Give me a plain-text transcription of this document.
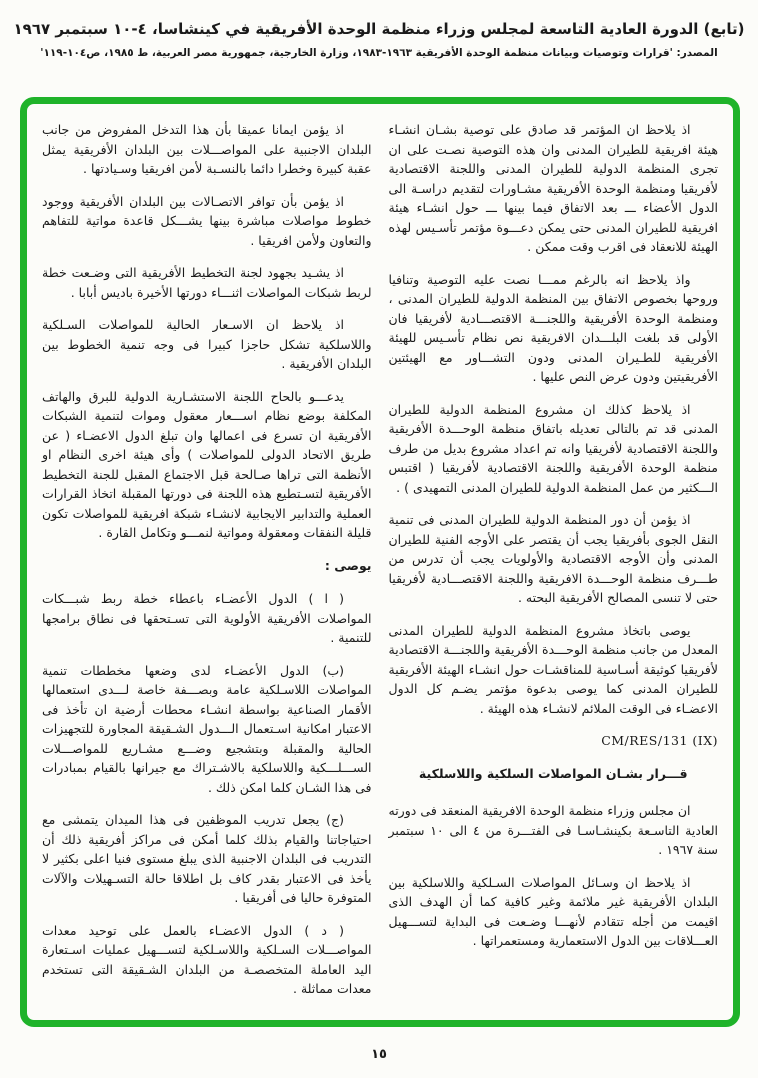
(تابع) الدورة العادية التاسعة لمجلس وزراء منظمة الوحدة الأفريقية في كينشاسا، ٤-١٠ سبتمبر ١٩٦٧
المصدر: 'قرارات وتوصيات وبيانات منظمة الوحدة الأفريقية ١٩٦٣-١٩٨٣، وزارة الخارجية، جمهورية مصر العربية، ط ١٩٨٥، ص١٠٤-١١٩'

اذ يلاحظ ان المؤتمر قد صادق على توصية بشـان انشـاء هيئة افريقية للطيران المدنى وان هذه التوصية نصـت على ان تجرى المنظمة الدولية للطيران المدنى واللجنة الاقتصادية لأفريقيا ومنظمة الوحدة الأفريقية مشـاورات لتقديم دراسـة الى الدول الأعضاء ـــ بعد الاتفاق فيما بينها ـــ حول انشـاء هيئة افريقية للطيران المدنى حتى يمكن دعـــوة مؤتمر تأسـيس لهذه الهيئة للانعقاد فى اقرب وقت ممكن .

واذ يلاحظ انه بالرغم ممـــا نصت عليه التوصية وتنافيا وروحها بخصوص الاتفاق بين المنظمة الدولية للطيران المدنى ، ومنظمة الوحدة الأفريقية واللجنـــة الاقتصـــادية لأفريقيا فان الأولى قد بلغت البلـــدان الافريقية نص نظام تأسـيس للهيئة الأفريقية للطـيران المدنى ودون التشـــاور مع الهيئتين الأفريقيتين ودون عرض النص عليها .

اذ يلاحظ كذلك ان مشروع المنظمة الدولية للطيران المدنى قد تم بالتالى تعديله باتفاق منظمة الوحـــدة الأفريقية واللجنة الاقتصادية لأفريقيا وانه تم اعداد مشروع بديل من طرف منظمة الوحدة الأفريقية واللجنة الاقتصادية لأفريقيا ( اقتبس الـــكثير من عمل المنظمة الدولية للطيران المدنى التمهيدى ) .

اذ يؤمن أن دور المنظمة الدولية للطيران المدنى فى تنمية النقل الجوى بأفريقيا يجب أن يقتصر على الأوجه الفنية للطيران المدنى وأن الأوجه الاقتصادية والأولويات يجب أن تدرس من طـــرف منظمة الوحـــدة الافريقية واللجنة الاقتصـــادية لأفريقيا حتى لا تنسى المصالح الأفريقية البحته .

يوصى باتخاذ مشروع المنظمة الدولية للطيران المدنى المعدل من جانب منظمة الوحـــدة الأفريقية واللجنـــة الاقتصادية لأفريقيا كوثيقة أسـاسية للمناقشـات حول انشـاء الهيئة الأفريقية للطيران المدنى كما يوصى بدعوة مؤتمر يضـم كل الدول الاعضـاء فى الوقت الملائم لانشـاء هذه الهيئة .

CM/RES/131 (IX)

قـــرار بشـان المواصلات السلكية واللاسلكية

ان مجلس وزراء منظمة الوحدة الافريقية المنعقد فى دورته العادية التاسـعة بكينشـاسـا فى الفتـــرة من ٤ الى ١٠ سبتمبر سنة ١٩٦٧ .

اذ يلاحظ ان وسـائل المواصلات السـلكية واللاسلكية بين البلدان الأفريقية غير ملائمة وغير كافية كما أن الهدف الذى اقيمت من أجله تتقادم لأنهـــا وضـعت فى البداية لتســـهيل العـــلاقات بين الدول الاستعمارية ومستعمراتها .

اذ يؤمن ايمانا عميقا بأن هذا التدخل المفروض من جانب البلدان الاجنبية على المواصـــلات بين البلدان الأفريقية يمثل عقبة كبيرة وخطرا دائما بالنسـبة لأمن افريقيا وسـيادتها .

اذ يؤمن بأن توافر الاتصـالات بين البلدان الأفريقية ووجود خطوط مواصلات مباشرة بينها يشـــكل قاعدة مواتية للتفاهم والتعاون ولأمن افريقيا .

اذ يشـيد بجهود لجنة التخطيط الأفريقية التى وضـعت خطة لربط شبكات المواصلات اثنـــاء دورتها الأخيرة باديس أبابا .

اذ يلاحظ ان الاسـعار الحالية للمواصلات السـلكية واللاسلكية تشكل حاجزا كبيرا فى وجه تنمية الخطوط بين البلدان الأفريقية .

يدعـــو بالحاح اللجنة الاستشـارية الدولية للبرق والهاتف المكلفة بوضع نظام اســـعار معقول وموات لتنمية الشبكات الأفريقية ان تسرع فى اعمالها وان تبلغ الدول الاعضـاء ( عن طريق الاتحاد الدولى للمواصلات ) وأى هيئة اخرى النظام او الأنظمة التى تراها صـالحة قبل الاجتماع المقبل للجنة التخطيط الأفريقية لتسـتطيع هذه اللجنة فى دورتها المقبلة اتخاذ القرارات العملية والتدابير الايجابية لانشـاء شبكة افريقية للمواصلات تكون قليلة النفقات ومعقولة ومواتية لنمـــو وتكامل القارة .

يوصى :

( ا ) الدول الأعضـاء باعطاء خطة ربط شبـــكات المواصلات الأفريقية الأولوية التى تسـتحقها فى نطاق برامجها للتنمية .

(ب) الدول الأعضـاء لدى وضعها مخططات تنمية المواصلات اللاسـلكية عامة وبصـــفة خاصة لـــدى استعمالها الأقمار الصناعية بواسطة انشـاء محطات أرضية ان تأخذ فى الاعتبار امكانية اسـتعمال الـــدول الشـقيقة المجاورة للتجهيزات الحالية والمقبلة وبتشجيع وضـــع مشـاريع للمواصـــلات الســـلـــكية واللاسلكية بالاشـتراك مع جيرانها بالقيام بمبادرات فى هذا الشـان كلما امكن ذلك .

(ج) يجعل تدريب الموظفين فى هذا الميدان يتمشى مع احتياجاتنا والقيام بذلك كلما أمكن فى مراكز أفريقية ذلك أن التدريب فى البلدان الاجنبية الذى يبلغ مستوى فنيا اعلى بكثير لا يأخذ فى الاعتبار بقدر كاف بل اطلاقا حالة التسـهيلات والآلات المتوفرة حاليا فى أفريقيا .

( د ) الدول الاعضـاء بالعمل على توحيد معدات المواصـــلات السـلكية واللاسـلكية لتســـهيل عمليات اسـتعارة اليد العاملة المتخصصـة من البلدان الشـقيقة التى تستخدم معدات مماثلة .

١٥
